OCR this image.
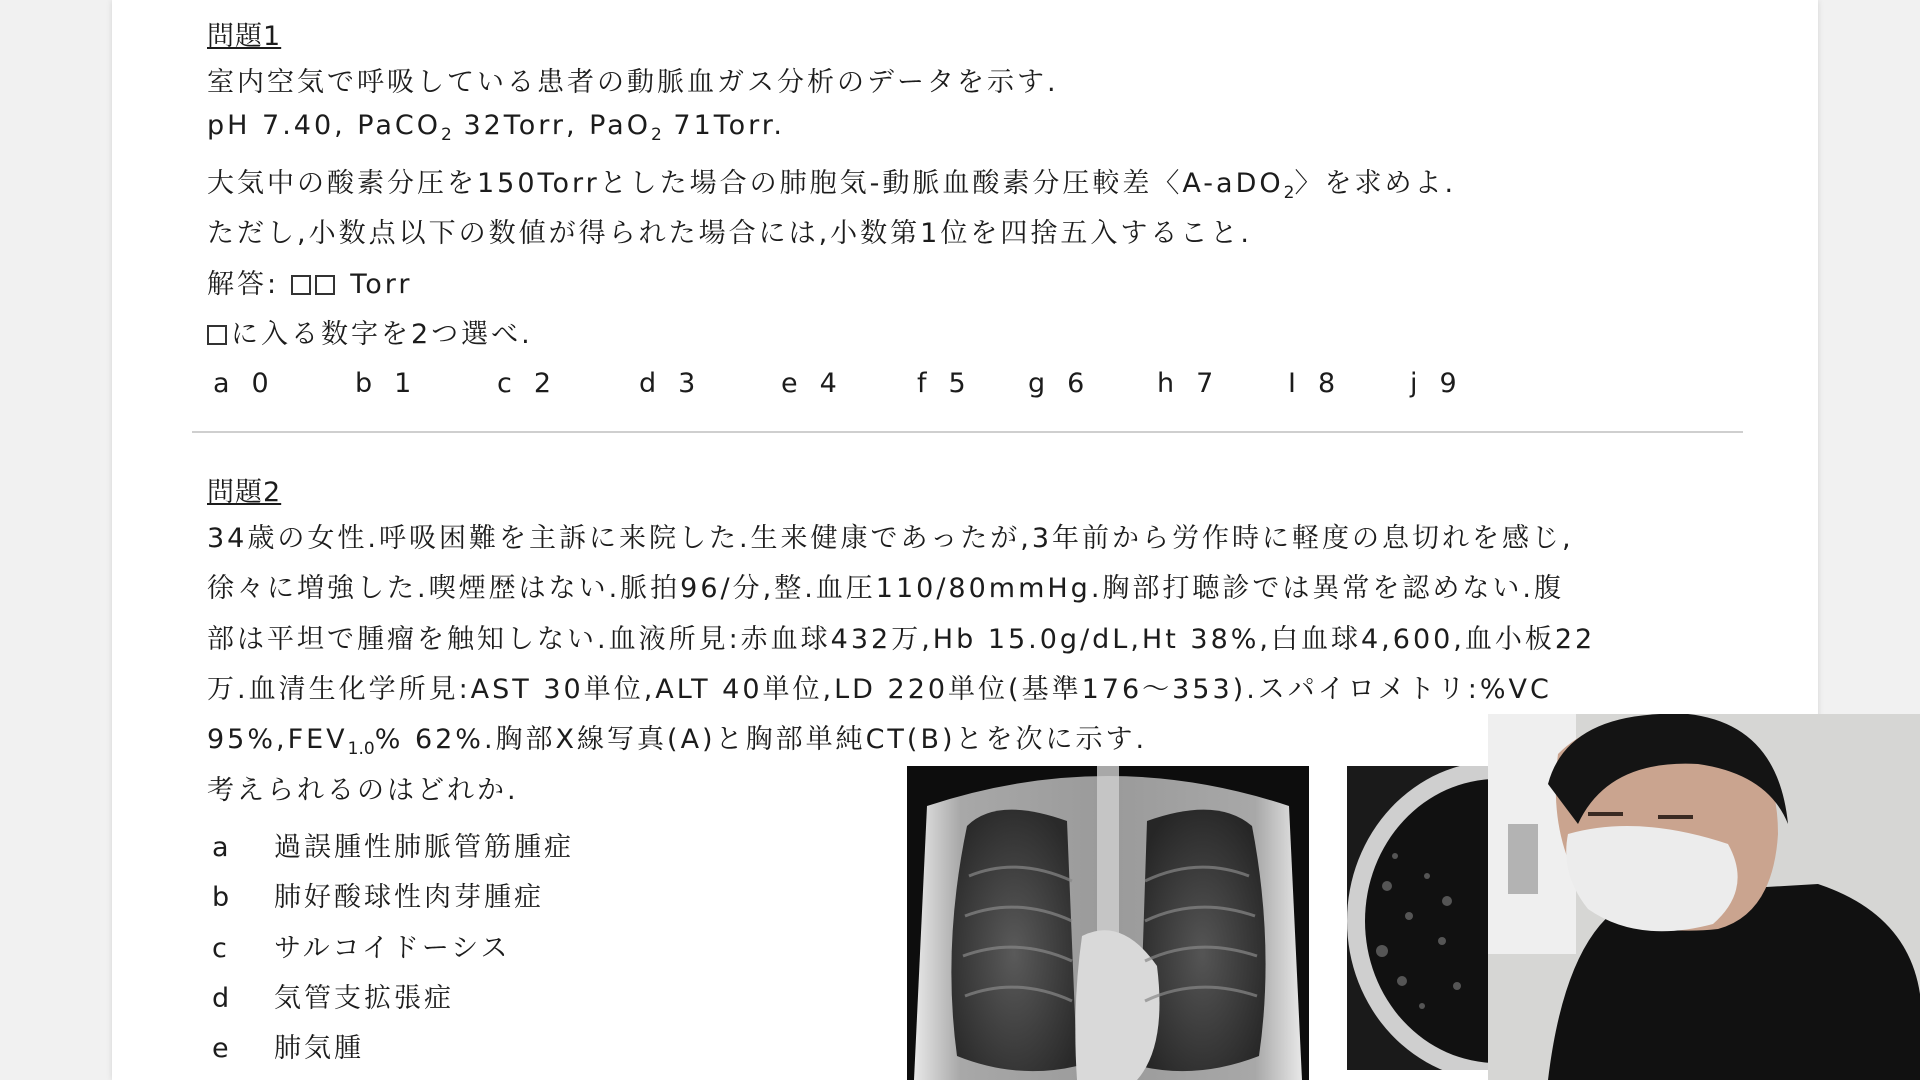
問題1
室内空気で呼吸している患者の動脈血ガス分析のデータを示す.
pH 7.40, PaCO$_2$ 32Torr, PaO$_2$ 71Torr.
大気中の酸素分圧を150Torrとした場合の肺胞気-動脈血酸素分圧較差〈A-aDO$_2$〉を求めよ.
ただし,小数点以下の数値が得られた場合には,小数第1位を四捨五入すること.
解答:	Torr
に入る数字を2つ選べ.
a 0	b 1	c 2	d 3	e 4	f 5 g 6	h 7	I 8	j 9
問題2
34歳の女性.呼吸困難を主訴に来院した.生来健康であったが,3年前から労作時に軽度の息切れを感じ,
徐々に増強した.喫煙歴はない.脈拍96/分,整.血圧110/80mmHg.胸部打聴診では異常を認めない.腹
部は平坦で腫瘤を触知しない.血液所見:赤血球432万,Hb 15.0g/dL,Ht 38%,白血球4,600,血小板22
万.血清生化学所見:AST 30単位,ALT 40単位,LD 220単位(基準176〜353).スパイロメトリ:%VC
$95\%,FEV_{1.0}\%$ 62%.胸部X線写真(A)と胸部単純CT(B)とを次に示す.
考えられるのはどれか.
a 過誤腫性肺脈管筋腫症
b 肺好酸球性肉芽腫症
c サルコイドーシス
d 気管支拡張症
e 肺気腫
